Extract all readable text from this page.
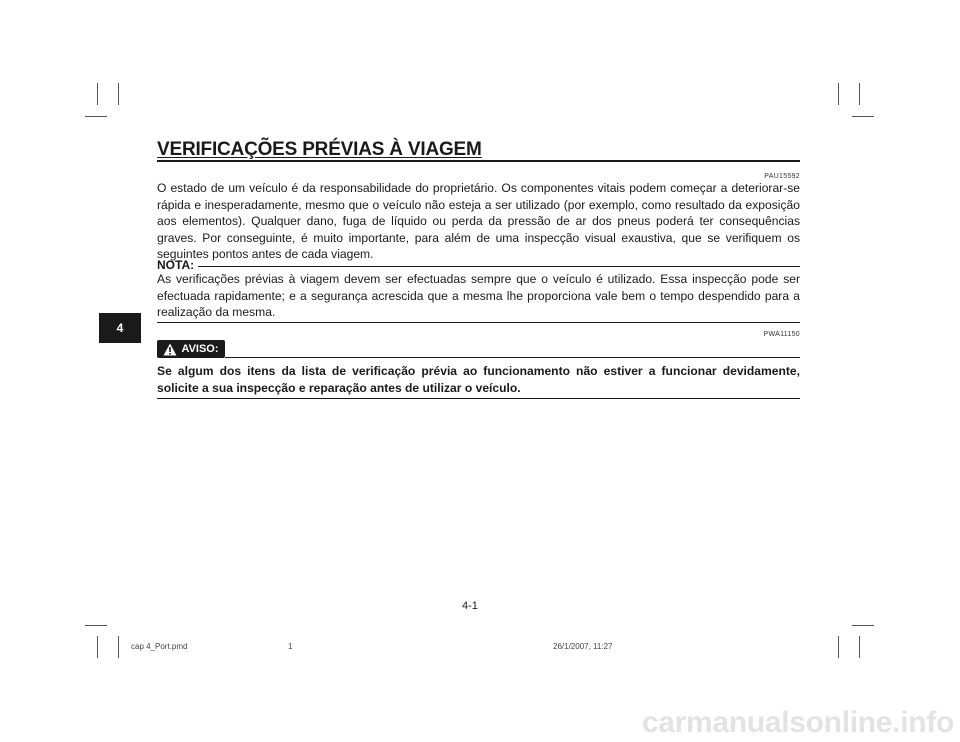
VERIFICAÇÕES PRÉVIAS À VIAGEM
PAU15592
O estado de um veículo é da responsabilidade do proprietário. Os componentes vitais podem começar a deteriorar-se rápida e inesperadamente, mesmo que o veículo não esteja a ser utilizado (por exemplo, como resultado da exposição aos elementos). Qualquer dano, fuga de líquido ou perda da pressão de ar dos pneus poderá ter consequências graves. Por conseguinte, é muito importante, para além de uma inspecção visual exaustiva, que se verifiquem os seguintes pontos antes de cada viagem.
NOTA:
As verificações prévias à viagem devem ser efectuadas sempre que o veículo é utilizado. Essa inspecção pode ser efectuada rapidamente; e a segurança acrescida que a mesma lhe proporciona vale bem o tempo despendido para a realização da mesma.
4	PWA11150
AVISO:
Se algum dos itens da lista de verificação prévia ao funcionamento não estiver a funcionar devidamente, solicite a sua inspecção e reparação antes de utilizar o veículo.
4-1
cap 4_Port.pmd	1	26/1/2007, 11:27
carmanualsonline.info
